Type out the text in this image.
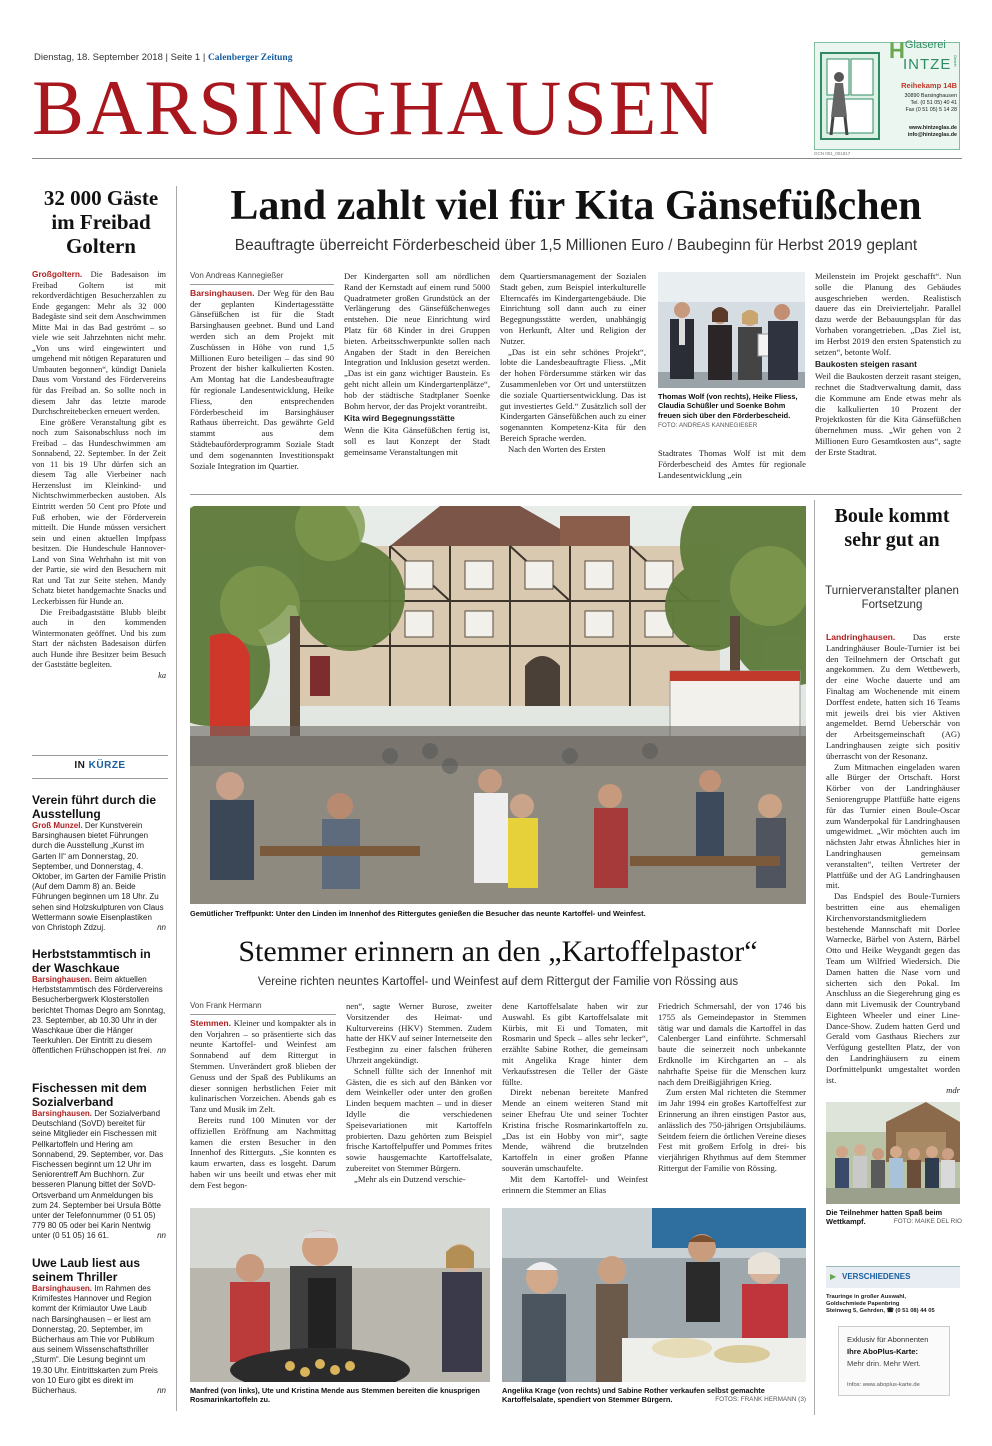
Dienstag, 18. September 2018 | Seite 1 | Calenberger Zeitung
BARSINGHAUSEN
HGlaserei
INTZE GmbH
Reihekamp 14B
30890 Barsinghausen
Tel. (0 51 05) 40 41
Fax (0 51 05) 5 14 28
www.hintzeglas.de
info@hintzeglas.de
GCN 001_001817
32 000 Gäste im Freibad Goltern

Großgoltern. Die Badesaison im Freibad Goltern ist mit rekordverdächtigen Besucherzahlen zu Ende gegangen: Mehr als 32 000 Badegäste sind seit dem Anschwimmen Mitte Mai in das Bad geströmt – so viele wie seit Jahrzehnten nicht mehr. „Von uns wird eingewintert und umgehend mit nötigen Reparaturen und Umbauten begonnen“, kündigt Daniela Daus vom Vorstand des Fördervereins für das Freibad an. So sollte noch in diesem Jahr das letzte marode Durchschreitebecken erneuert werden.

Eine größere Veranstaltung gibt es noch zum Saisonabschluss noch im Freibad – das Hundeschwimmen am Sonnabend, 22. September. In der Zeit von 11 bis 19 Uhr dürfen sich an diesem Tag alle Vierbeiner nach Herzenslust im Kleinkind- und Nichtschwimmerbecken austoben. Als Eintritt werden 50 Cent pro Pfote und Fuß erhoben, wie der Förderverein mitteilt. Die Hunde müssen versichert sein und einen aktuellen Impfpass besitzen. Die Hundeschule Hannover-Land von Sina Wehrhahn ist mit von der Partie, sie wird den Besuchern mit Rat und Tat zur Seite stehen. Mandy Schatz bietet handgemachte Snacks und Leckerbissen für Hunde an.

Die Freibadgaststätte Blubb bleibt auch in den kommenden Wintermonaten geöffnet. Und bis zum Start der nächsten Badesaison dürfen auch Hunde ihre Besitzer beim Besuch der Gaststätte begleiten.

ka
IN KÜRZE
Verein führt durch die Ausstellung
Groß Munzel. Der Kunstverein Barsinghausen bietet Führungen durch die Ausstellung „Kunst im Garten II“ am Donnerstag, 20. September, und Donnerstag, 4. Oktober, im Garten der Familie Pristin (Auf dem Damm 8) an. Beide Führungen beginnen um 18 Uhr. Zu sehen sind Holzskulpturen von Claus Wettermann sowie Eisenplastiken von Christoph Zdzuj.	nn
Herbststammtisch in der Waschkaue
Barsinghausen. Beim aktuellen Herbststammtisch des Fördervereins Besucherbergwerk Klosterstollen berichtet Thomas Degro am Sonntag, 23. September, ab 10.30 Uhr in der Waschkaue über die Hänger Teerkuhlen. Der Eintritt zu diesem öffentlichen Frühschoppen ist frei. nn
Fischessen mit dem Sozialverband
Barsinghausen. Der Sozialverband Deutschland (SoVD) bereitet für seine Mitglieder ein Fischessen mit Pellkartoffeln und Hering am Sonnabend, 29. September, vor. Das Fischessen beginnt um 12 Uhr im Seniorentreff Am Buchhorn. Zur besseren Planung bittet der SoVD-Ortsverband um Anmeldungen bis zum 24. September bei Ursula Bötte unter der Telefonnummer (0 51 05) 779 80 05 oder bei Karin Nentwig unter (0 51 05) 16 61.	nn
Uwe Laub liest aus seinem Thriller
Barsinghausen. Im Rahmen des Krimifestes Hannover und Region kommt der Krimiautor Uwe Laub nach Barsinghausen – er liest am Donnerstag, 20. September, im Bücherhaus am Thie vor Publikum aus seinem Wissenschaftsthriller „Sturm“. Die Lesung beginnt um 19.30 Uhr. Eintrittskarten zum Preis von 10 Euro gibt es direkt im Bücherhaus.	nn
Land zahlt viel für Kita Gänsefüßchen
Beauftragte überreicht Förderbescheid über 1,5 Millionen Euro / Baubeginn für Herbst 2019 geplant
Von Andreas Kannegießer

Barsinghausen. Der Weg für den Bau der geplanten Kindertagesstätte Gänsefüßchen ist für die Stadt Barsinghausen geebnet. Bund und Land werden sich an dem Projekt mit Zuschüssen in Höhe von rund 1,5 Millionen Euro beteiligen – das sind 90 Prozent der bisher kalkulierten Kosten. Am Montag hat die Landesbeauftragte für regionale Landesentwicklung, Heike Fliess, den entsprechenden Förderbescheid im Barsinghäuser Rathaus überreicht. Das gewährte Geld stammt aus dem Städtebauförderprogramm Soziale Stadt und dem sogenannten Investitionspakt Soziale Integration im Quartier.

Der Kindergarten soll am nördlichen Rand der Kernstadt auf einem rund 5000 Quadratmeter großen Grundstück an der Verlängerung des Gänsefüßchenweges entstehen. Die neue Einrichtung wird Platz für 68 Kinder in drei Gruppen bieten. Arbeitsschwerpunkte sollen nach Angaben der Stadt in den Bereichen Integration und Inklusion gesetzt werden. „Das ist ein ganz wichtiger Baustein. Es geht nicht allein um Kindergartenplätze“, hob der städtische Stadtplaner Soenke Bohm hervor, der das Projekt vorantreibt.

Kita wird Begegnungsstätte

Wenn die Kita Gänsefüßchen fertig ist, soll es laut Konzept der Stadt gemeinsame Veranstaltungen mit

dem Quartiersmanagement der Sozialen Stadt geben, zum Beispiel interkulturelle Elterncafés im Kindergartengebäude. Die Einrichtung soll dann auch zu einer Begegnungsstätte werden, unabhängig von Herkunft, Alter und Religion der Nutzer.

„Das ist ein sehr schönes Projekt“, lobte die Landesbeauftragte Fliess. „Mit der hohen Fördersumme stärken wir das Zusammenleben vor Ort und unterstützen die soziale Quartiersentwicklung. Das ist gut investiertes Geld.“ Zusätzlich soll der Kindergarten Gänsefüßchen auch zu einer sogenannten Kompetenz-Kita für den Bereich Sprache werden.

Nach den Worten des Ersten

Thomas Wolf (von rechts), Heike Fliess, Claudia Schüßler und Soenke Bohm freuen sich über den Förderbescheid. FOTO: ANDREAS KANNEGIEßER

Stadtrates Thomas Wolf ist mit dem Förderbescheid des Amtes für regionale Landesentwicklung „ein

Meilenstein im Projekt geschafft“. Nun solle die Planung des Gebäudes ausgeschrieben werden. Realistisch dauere das ein Dreivierteljahr. Parallel dazu werde der Bebauungsplan für das Vorhaben vorangetrieben. „Das Ziel ist, im Herbst 2019 den ersten Spatenstich zu setzen“, betonte Wolf.

Baukosten steigen rasant

Weil die Baukosten derzeit rasant steigen, rechnet die Stadtverwaltung damit, dass die Kommune am Ende etwas mehr als die kalkulierten 10 Prozent der Projektkosten für die Kita Gänsefüßchen übernehmen muss. „Wir gehen von 2 Millionen Euro Gesamtkosten aus“, sagte der Erste Stadtrat.

Gemütlicher Treffpunkt: Unter den Linden im Innenhof des Rittergutes genießen die Besucher das neunte Kartoffel- und Weinfest.
Stemmer erinnern an den „Kartoffelpastor“
Vereine richten neuntes Kartoffel- und Weinfest auf dem Rittergut der Familie von Rössing aus
Von Frank Hermann

Stemmen. Kleiner und kompakter als in den Vorjahren – so präsentierte sich das neunte Kartoffel- und Weinfest am Sonnabend auf dem Rittergut in Stemmen. Unverändert groß blieben der Genuss und der Spaß des Publikums an dieser sonnigen herbstlichen Feier mit kulinarischen Vorzeichen. Abends gab es Tanz und Musik im Zelt.

Bereits rund 100 Minuten vor der offiziellen Eröffnung am Nachmittag kamen die ersten Besucher in den Innenhof des Ritterguts. „Sie konnten es kaum erwarten, dass es losgeht. Darum haben wir uns beeilt und etwas eher mit dem Fest begon-

nen“, sagte Werner Burose, zweiter Vorsitzender des Heimat- und Kulturvereins (HKV) Stemmen. Zudem hatte der HKV auf seiner Internetseite den Festbeginn zu einer falschen früheren Uhrzeit angekündigt.

Schnell füllte sich der Innenhof mit Gästen, die es sich auf den Bänken vor dem Weinkeller oder unter den großen Linden bequem machten – und in dieser Idylle die verschiedenen Speisevariationen mit Kartoffeln probierten. Dazu gehörten zum Beispiel frische Kartoffelpuffer und Pommes frites sowie hausgemachte Kartoffelsalate, zubereitet von Stemmer Bürgern.

„Mehr als ein Dutzend verschie-

dene Kartoffelsalate haben wir zur Auswahl. Es gibt Kartoffelsalate mit Kürbis, mit Ei und Tomaten, mit Rosmarin und Speck – alles sehr lecker“, erzählte Sabine Rother, die gemeinsam mit Angelika Krage hinter dem Verkaufsstresen die Teller der Gäste füllte.

Direkt nebenan bereitete Manfred Mende an einem weiteren Stand mit seiner Ehefrau Ute und seiner Tochter Kristina frische Rosmarinkartoffeln zu. „Das ist ein Hobby von mir“, sagte Mende, während die brutzelnden Kartoffeln in einer großen Pfanne souverän umschaufelte.

Mit dem Kartoffel- und Weinfest erinnern die Stemmer an Elias

Friedrich Schmersahl, der von 1746 bis 1755 als Gemeindepastor in Stemmen tätig war und damals die Kartoffel in das Calenberger Land einführte. Schmersahl baute die seinerzeit noch unbekannte Erdknolle im Kirchgarten an – als nahrhafte Speise für die Menschen kurz nach dem Dreißigjährigen Krieg.

Zum ersten Mal richteten die Stemmer im Jahr 1994 ein großes Kartoffelfest zur Erinnerung an ihren einstigen Pastor aus, anlässlich des 750-jährigen Ortsjubiläums. Seitdem feiern die örtlichen Vereine dieses Fest mit großem Erfolg in drei- bis vierjährigen Rhythmus auf dem Stemmer Rittergut der Familie von Rössing.

Manfred (von links), Ute und Kristina Mende aus Stemmen bereiten die knusprigen Rosmarinkartoffeln zu.
Angelika Krage (von rechts) und Sabine Rother verkaufen selbst gemachte Kartoffelsalate, spendiert von Stemmer Bürgern.	FOTOS: FRANK HERMANN (3)
Boule kommt sehr gut an
Turnierveranstalter planen Fortsetzung

Landringhausen. Das erste Landringhäuser Boule-Turnier ist bei den Teilnehmern der Ortschaft gut angekommen. Zu dem Wettbewerb, der eine Woche dauerte und am Finaltag am Wochenende mit einem Dorffest endete, hatten sich 16 Teams mit jeweils drei bis vier Aktiven angemeldet. Bernd Ueberschär von der Arbeitsgemeinschaft (AG) Landringhausen zeigte sich positiv überrascht von der Resonanz.

Zum Mitmachen eingeladen waren alle Bürger der Ortschaft. Horst Körber von der Landringhäuser Seniorengruppe Plattfüße hatte eigens für das Turnier einen Boule-Oscar zum Wanderpokal für Landringhausen umgewidmet. „Wir möchten auch im nächsten Jahr etwas Ähnliches hier in Landringhausen gemeinsam veranstalten“, teilten Vertreter der Plattfüße und der AG Landringhausen mit.

Das Endspiel des Boule-Turniers bestritten eine aus ehemaligen Kirchenvorstandsmitgliedern bestehende Mannschaft mit Dorlee Warnecke, Bärbel von Astern, Bärbel Otto und Heike Weygandt gegen das Team um Wilfried Wiedersich. Die Damen hatten die Nase vorn und sicherten sich den Pokal. Im Anschluss an die Siegerehrung ging es dann mit Livemusik der Countryband Eighteen Wheeler und einer Line-Dance-Show. Zudem hatten Gerd und Gerald vom Gasthaus Riechers zur Verfügung gestellten Platz, der von den Landringhäusern zu einem Dorfmittelpunkt umgestaltet worden ist.

mdr
Die Teilnehmer hatten Spaß beim Wettkampf.	FOTO: MAIKE DEL RIO
▶ VERSCHIEDENES
Trauringe in großer Auswahl,
Goldschmiede Papenbring
Steinweg 5, Gehrden, ☎ (0 51 08) 44 05
Exklusiv für Abonnenten
Ihre AboPlus-Karte:
Mehr drin. Mehr Wert.
Infos: www.aboplus-karte.de
